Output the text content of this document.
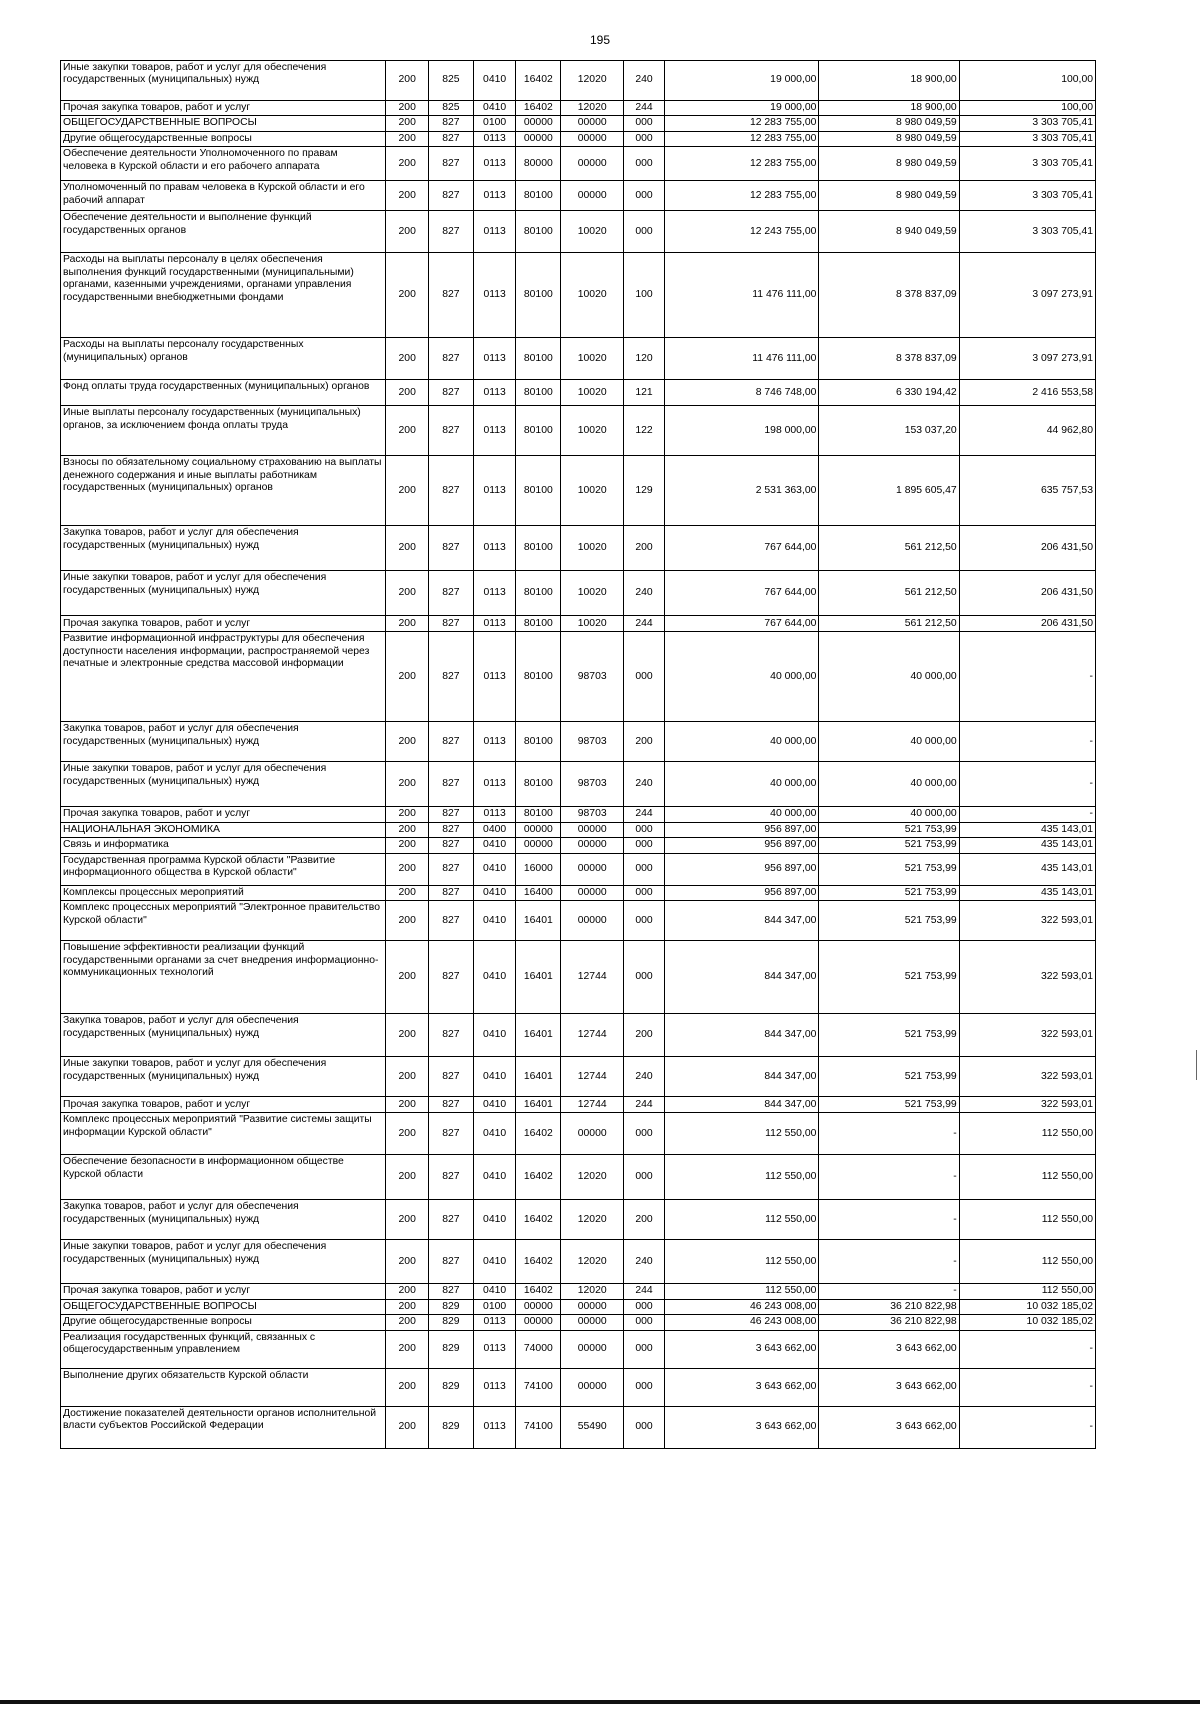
195
Иные закупки товаров, работ и услуг для обеспечения государственных (муниципальных) нужд	200	825	0410	16402	12020	240	19 000,00	18 900,00	100,00
Прочая закупка товаров, работ и услуг	200	825	0410	16402	12020	244	19 000,00	18 900,00	100,00
ОБЩЕГОСУДАРСТВЕННЫЕ ВОПРОСЫ	200	827	0100	00000	00000	000	12 283 755,00	8 980 049,59	3 303 705,41
Другие общегосударственные вопросы	200	827	0113	00000	00000	000	12 283 755,00	8 980 049,59	3 303 705,41
Обеспечение деятельности Уполномоченного по правам человека в Курской области и его рабочего аппарата	200	827	0113	80000	00000	000	12 283 755,00	8 980 049,59	3 303 705,41
Уполномоченный по правам человека в Курской области и его рабочий аппарат	200	827	0113	80100	00000	000	12 283 755,00	8 980 049,59	3 303 705,41
Обеспечение деятельности и выполнение функций государственных органов	200	827	0113	80100	10020	000	12 243 755,00	8 940 049,59	3 303 705,41
Расходы на выплаты персоналу в целях обеспечения выполнения функций государственными (муниципальными) органами, казенными учреждениями, органами управления государственными внебюджетными фондами	200	827	0113	80100	10020	100	11 476 111,00	8 378 837,09	3 097 273,91
Расходы на выплаты персоналу государственных (муниципальных) органов	200	827	0113	80100	10020	120	11 476 111,00	8 378 837,09	3 097 273,91
Фонд оплаты труда государственных (муниципальных) органов	200	827	0113	80100	10020	121	8 746 748,00	6 330 194,42	2 416 553,58
Иные выплаты персоналу государственных (муниципальных) органов, за исключением фонда оплаты труда	200	827	0113	80100	10020	122	198 000,00	153 037,20	44 962,80
Взносы по обязательному социальному страхованию на выплаты денежного содержания и иные выплаты работникам государственных (муниципальных) органов	200	827	0113	80100	10020	129	2 531 363,00	1 895 605,47	635 757,53
Закупка товаров, работ и услуг для обеспечения государственных (муниципальных) нужд	200	827	0113	80100	10020	200	767 644,00	561 212,50	206 431,50
Иные закупки товаров, работ и услуг для обеспечения государственных (муниципальных) нужд	200	827	0113	80100	10020	240	767 644,00	561 212,50	206 431,50
Прочая закупка товаров, работ и услуг	200	827	0113	80100	10020	244	767 644,00	561 212,50	206 431,50
Развитие информационной инфраструктуры для обеспечения доступности населения информации, распространяемой через печатные и электронные средства массовой информации	200	827	0113	80100	98703	000	40 000,00	40 000,00	-
Закупка товаров, работ и услуг для обеспечения государственных (муниципальных) нужд	200	827	0113	80100	98703	200	40 000,00	40 000,00	-
Иные закупки товаров, работ и услуг для обеспечения государственных (муниципальных) нужд	200	827	0113	80100	98703	240	40 000,00	40 000,00	-
Прочая закупка товаров, работ и услуг	200	827	0113	80100	98703	244	40 000,00	40 000,00	-
НАЦИОНАЛЬНАЯ ЭКОНОМИКА	200	827	0400	00000	00000	000	956 897,00	521 753,99	435 143,01
Связь и информатика	200	827	0410	00000	00000	000	956 897,00	521 753,99	435 143,01
Государственная программа Курской области "Развитие информационного общества в Курской области"	200	827	0410	16000	00000	000	956 897,00	521 753,99	435 143,01
Комплексы процессных мероприятий	200	827	0410	16400	00000	000	956 897,00	521 753,99	435 143,01
Комплекс процессных мероприятий "Электронное правительство Курской области"	200	827	0410	16401	00000	000	844 347,00	521 753,99	322 593,01
Повышение эффективности реализации функций государственными органами за счет внедрения информационно-коммуникационных технологий	200	827	0410	16401	12744	000	844 347,00	521 753,99	322 593,01
Закупка товаров, работ и услуг для обеспечения государственных (муниципальных) нужд	200	827	0410	16401	12744	200	844 347,00	521 753,99	322 593,01
Иные закупки товаров, работ и услуг для обеспечения государственных (муниципальных) нужд	200	827	0410	16401	12744	240	844 347,00	521 753,99	322 593,01
Прочая закупка товаров, работ и услуг	200	827	0410	16401	12744	244	844 347,00	521 753,99	322 593,01
Комплекс процессных мероприятий "Развитие системы защиты информации Курской области"	200	827	0410	16402	00000	000	112 550,00	-	112 550,00
Обеспечение безопасности в информационном обществе Курской области	200	827	0410	16402	12020	000	112 550,00	-	112 550,00
Закупка товаров, работ и услуг для обеспечения государственных (муниципальных) нужд	200	827	0410	16402	12020	200	112 550,00	-	112 550,00
Иные закупки товаров, работ и услуг для обеспечения государственных (муниципальных) нужд	200	827	0410	16402	12020	240	112 550,00	-	112 550,00
Прочая закупка товаров, работ и услуг	200	827	0410	16402	12020	244	112 550,00	-	112 550,00
ОБЩЕГОСУДАРСТВЕННЫЕ ВОПРОСЫ	200	829	0100	00000	00000	000	46 243 008,00	36 210 822,98	10 032 185,02
Другие общегосударственные вопросы	200	829	0113	00000	00000	000	46 243 008,00	36 210 822,98	10 032 185,02
Реализация государственных функций, связанных с общегосударственным управлением	200	829	0113	74000	00000	000	3 643 662,00	3 643 662,00	-
Выполнение других обязательств Курской области	200	829	0113	74100	00000	000	3 643 662,00	3 643 662,00	-
Достижение показателей деятельности органов исполнительной власти субъектов Российской Федерации	200	829	0113	74100	55490	000	3 643 662,00	3 643 662,00	-
